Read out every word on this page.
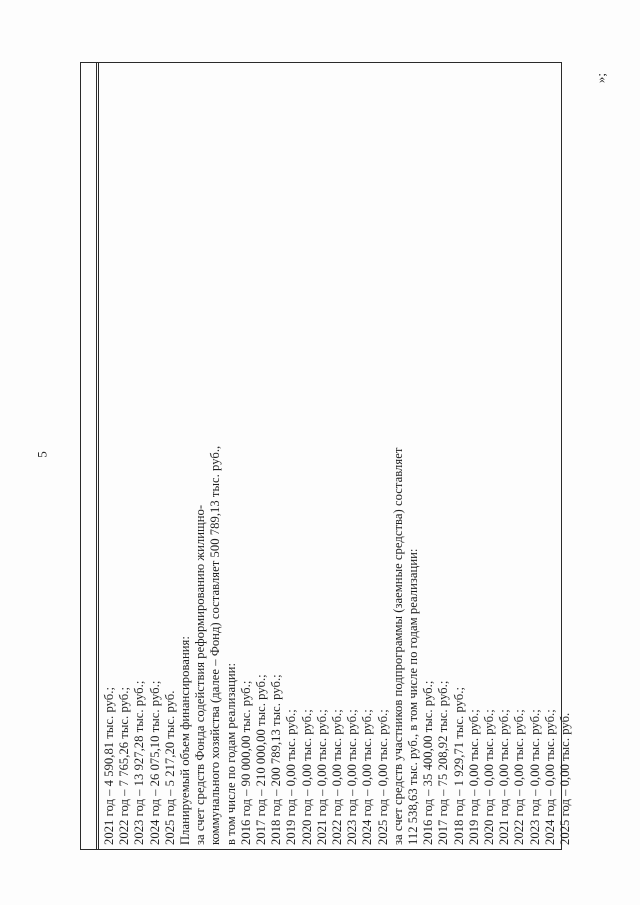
5
2021 год – 4 590,81 тыс. руб.; 2022 год – 7 765,26 тыс. руб.; 2023 год – 13 927,28 тыс. руб.; 2024 год – 26 075,10 тыс. руб.; 2025 год – 5 217,20 тыс. руб. Планируемый объем финансирования: за счет средств Фонда содействия реформированию жилищно- коммунального хозяйства (далее – Фонд) составляет 500 789,13 тыс. руб., в том числе по годам реализации: 2016 год – 90 000,00 тыс. руб.; 2017 год – 210 000,00 тыс. руб.; 2018 год – 200 789,13 тыс. руб.; 2019 год – 0,00 тыс. руб.; 2020 год – 0,00 тыс. руб.; 2021 год – 0,00 тыс. руб.; 2022 год – 0,00 тыс. руб.; 2023 год – 0,00 тыс. руб.; 2024 год – 0,00 тыс. руб.; 2025 год – 0,00 тыс. руб.; за счет средств участников подпрограммы (заемные средства) составляет 112 538,63 тыс. руб., в том числе по годам реализации: 2016 год – 35 400,00 тыс. руб.; 2017 год – 75 208,92 тыс. руб.; 2018 год – 1 929,71 тыс. руб.; 2019 год – 0,00 тыс. руб.; 2020 год – 0,00 тыс. руб.; 2021 год – 0,00 тыс. руб.; 2022 год – 0,00 тыс. руб.; 2023 год – 0,00 тыс. руб.; 2024 год – 0,00 тыс. руб.; 2025 год – 0,00 тыс. руб.
»;
